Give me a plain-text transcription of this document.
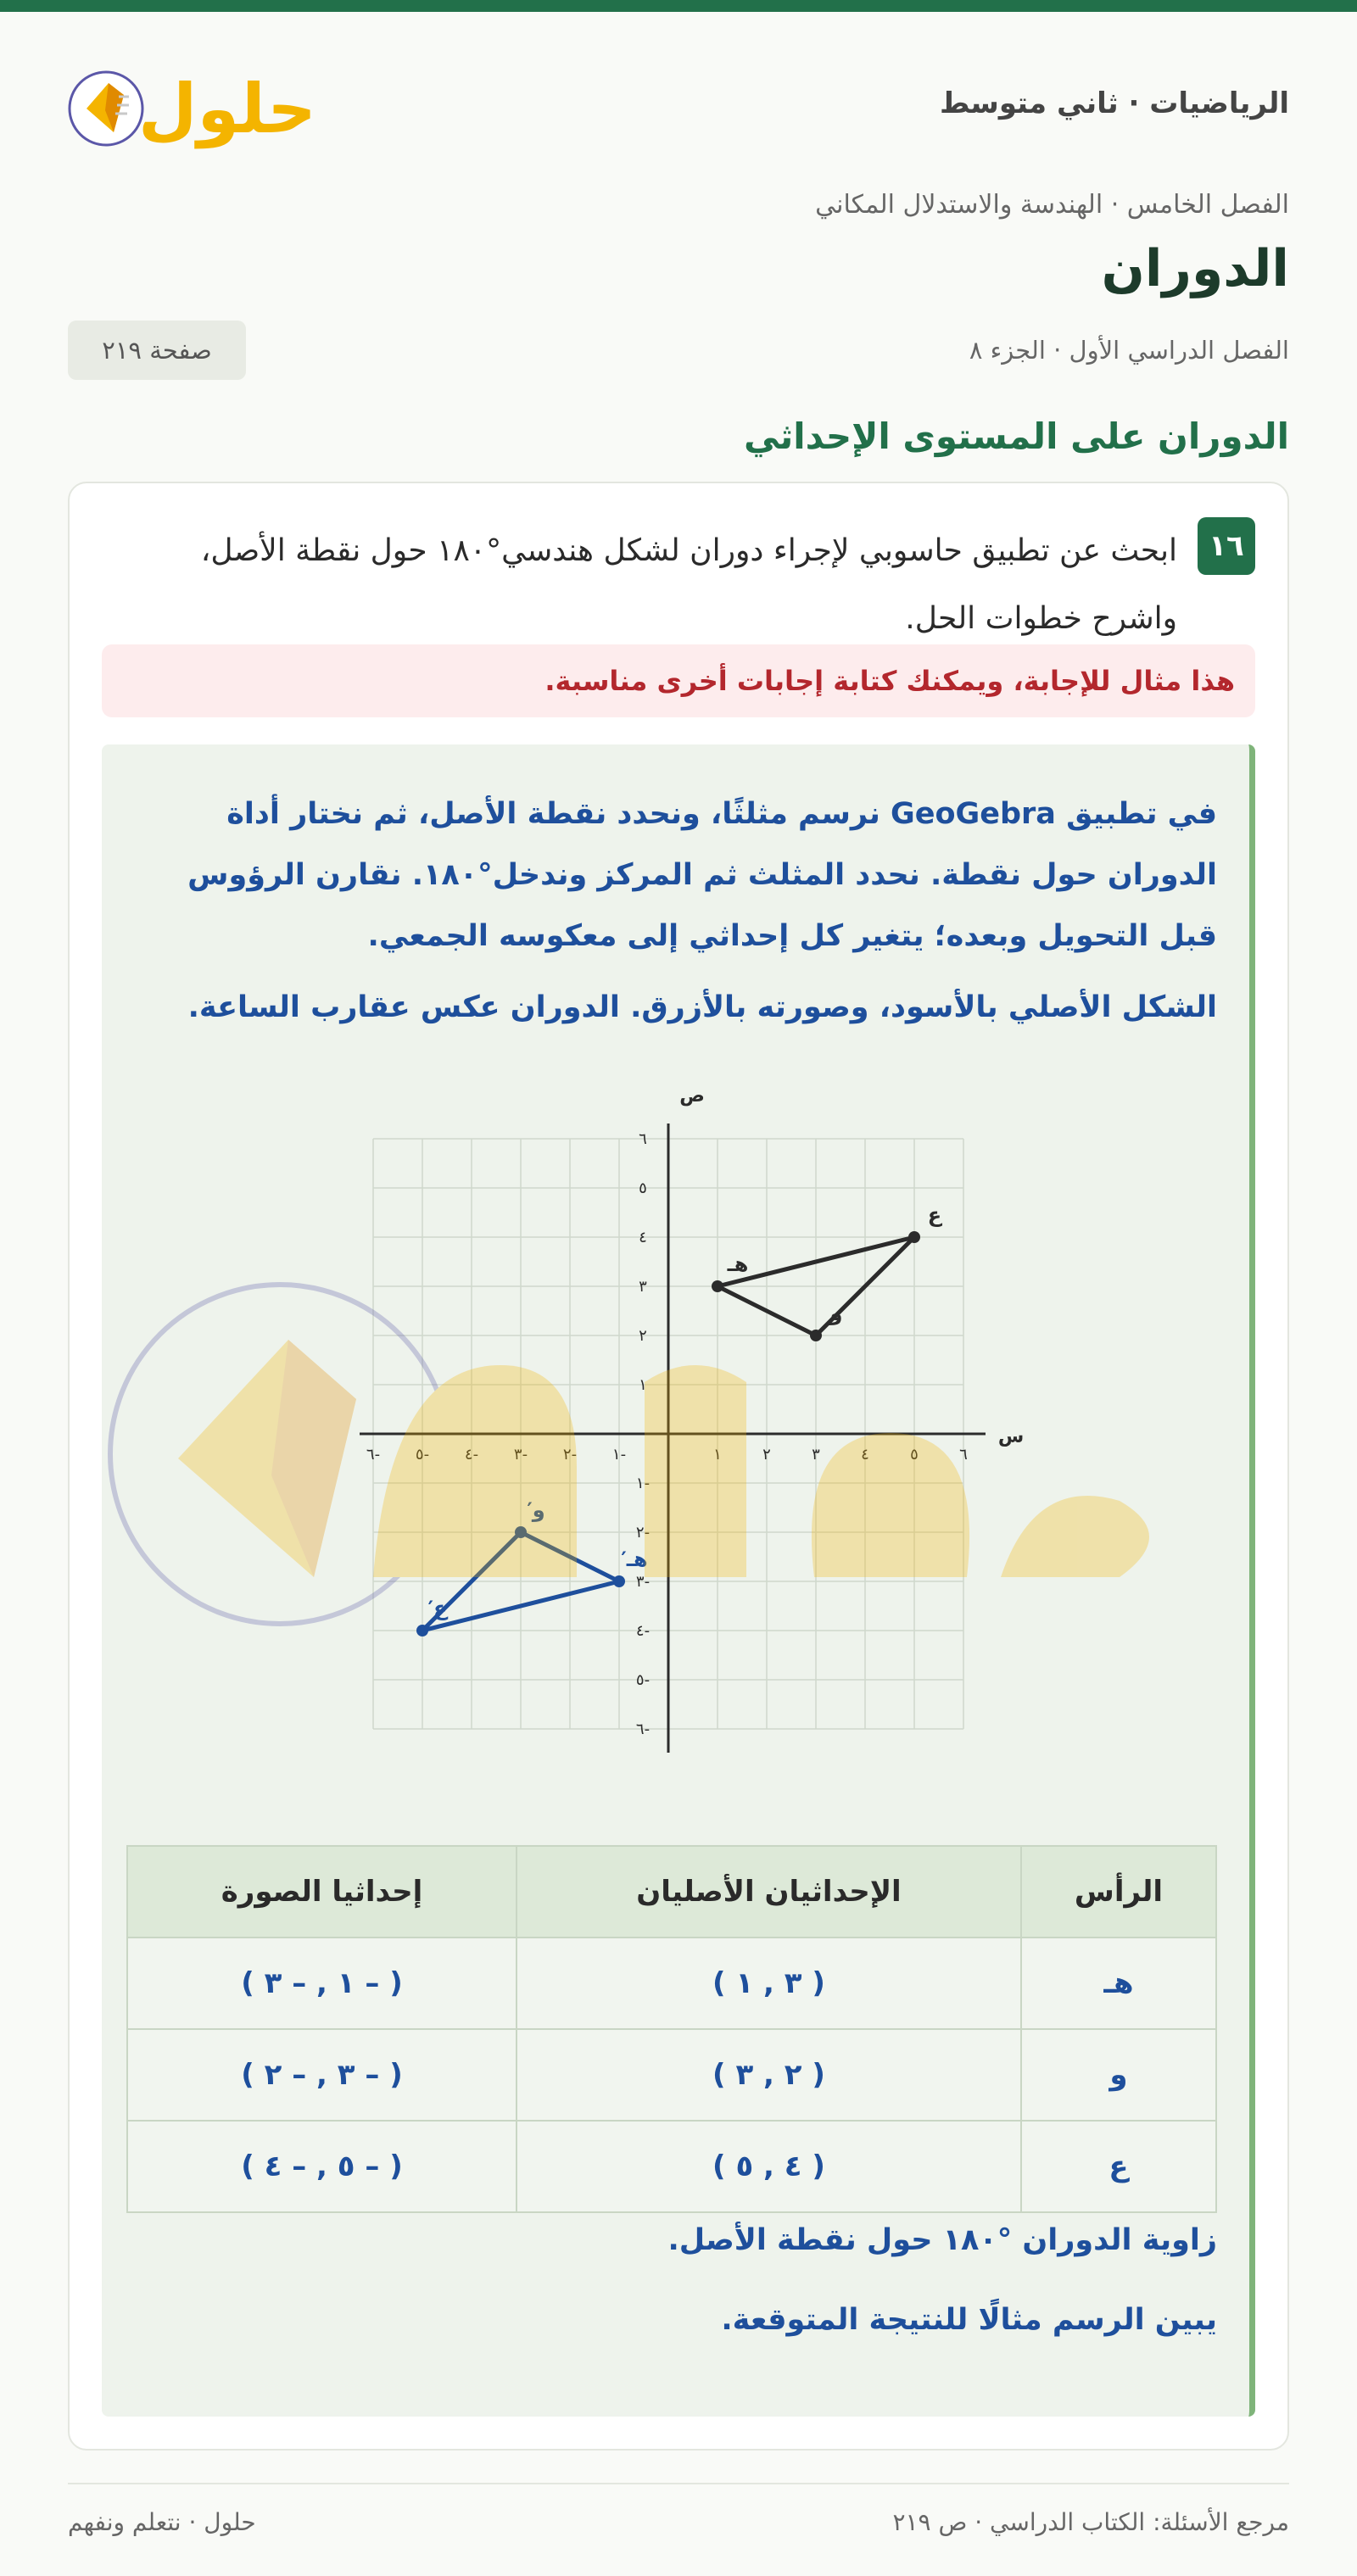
الرياضيات · ثاني متوسط
حلول
الفصل الخامس · الهندسة والاستدلال المكاني
الدوران
الفصل الدراسي الأول · الجزء ٨
صفحة ٢١٩
الدوران على المستوى الإحداثي
١٦
ابحث عن تطبيق حاسوبي لإجراء دوران لشكل هندسي°١٨٠ حول نقطة الأصل، واشرح خطوات الحل.
هذا مثال للإجابة، ويمكنك كتابة إجابات أخرى مناسبة.
في تطبيق GeoGebra نرسم مثلثًا، ونحدد نقطة الأصل، ثم نختار أداة الدوران حول نقطة. نحدد المثلث ثم المركز وندخل°١٨٠. نقارن الرؤوس قبل التحويل وبعده؛ يتغير كل إحداثي إلى معكوسه الجمعي.
الشكل الأصلي بالأسود، وصورته بالأزرق. الدوران عكس عقارب الساعة.
س
ص
-٦ -٥ -٤ -٣ -٢ -١	١	٢	٣	٤	٥	٦
-٦
-٥
-٤
-٣
-٢
-١
١
٢
٣
٤
٥
٦
هـ
و
ع
هـ′
و′
ع′
الرأس	الإحداثيان الأصليان	إحداثيا الصورة
هـ	( ٣ , ١ )	( – ١ , – ٣ )
و	( ٢ , ٣ )	( – ٣ , – ٢ )
ع	( ٤ , ٥ )	( – ٥ , – ٤ )
زاوية الدوران °١٨٠ حول نقطة الأصل.
يبين الرسم مثالًا للنتيجة المتوقعة.
مرجع الأسئلة: الكتاب الدراسي · ص ٢١٩
حلول · نتعلم ونفهم
